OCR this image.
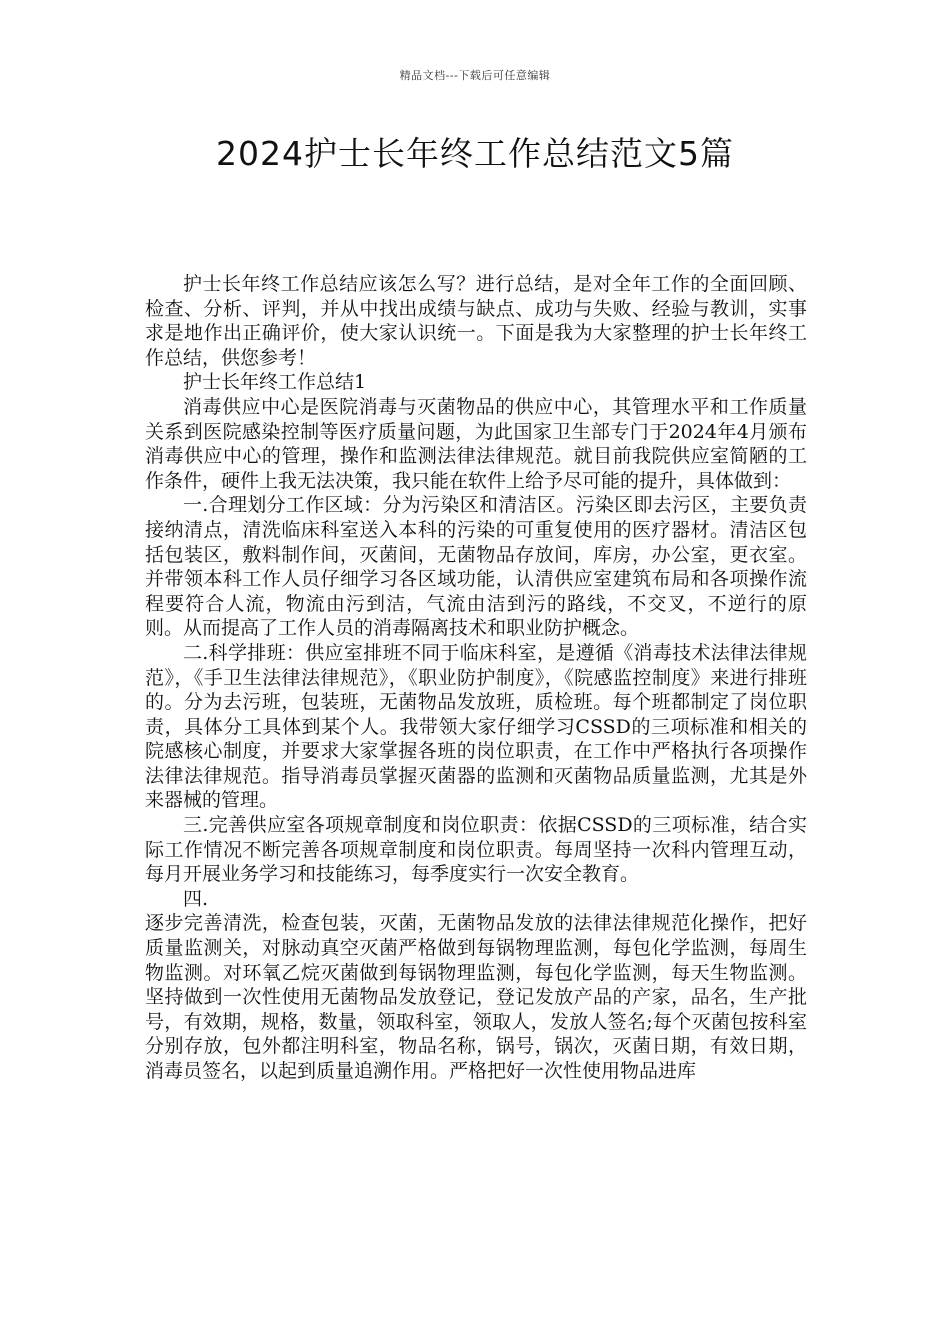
精品文档---下载后可任意编辑
2024护士长年终工作总结范文5篇

护士长年终工作总结应该怎么写？进行总结，是对全年工作的全面回顾、检查、分析、评判，并从中找出成绩与缺点、成功与失败、经验与教训，实事求是地作出正确评价，使大家认识统一。下面是我为大家整理的护士长年终工作总结，供您参考！

护士长年终工作总结1

消毒供应中心是医院消毒与灭菌物品的供应中心，其管理水平和工作质量关系到医院感染控制等医疗质量问题，为此国家卫生部专门于2024年4月颁布消毒供应中心的管理，操作和监测法律法律规范。就目前我院供应室简陋的工作条件，硬件上我无法决策，我只能在软件上给予尽可能的提升，具体做到：

一.合理划分工作区域：分为污染区和清洁区。污染区即去污区，主要负责接纳清点，清洗临床科室送入本科的污染的可重复使用的医疗器材。清洁区包括包装区，敷料制作间，灭菌间，无菌物品存放间，库房，办公室，更衣室。并带领本科工作人员仔细学习各区域功能，认清供应室建筑布局和各项操作流程要符合人流，物流由污到洁，气流由洁到污的路线，不交叉，不逆行的原则。从而提高了工作人员的消毒隔离技术和职业防护概念。

二.科学排班：供应室排班不同于临床科室，是遵循《消毒技术法律法律规范》，《手卫生法律法律规范》，《职业防护制度》，《院感监控制度》来进行排班的。分为去污班，包装班，无菌物品发放班，质检班。每个班都制定了岗位职责，具体分工具体到某个人。我带领大家仔细学习CSSD的三项标准和相关的院感核心制度，并要求大家掌握各班的岗位职责，在工作中严格执行各项操作法律法律规范。指导消毒员掌握灭菌器的监测和灭菌物品质量监测，尤其是外来器械的管理。

三.完善供应室各项规章制度和岗位职责：依据CSSD的三项标准，结合实际工作情况不断完善各项规章制度和岗位职责。每周坚持一次科内管理互动，每月开展业务学习和技能练习，每季度实行一次安全教育。

四.

逐步完善清洗，检查包装，灭菌，无菌物品发放的法律法律规范化操作，把好质量监测关，对脉动真空灭菌严格做到每锅物理监测，每包化学监测，每周生物监测。对环氧乙烷灭菌做到每锅物理监测，每包化学监测，每天生物监测。坚持做到一次性使用无菌物品发放登记，登记发放产品的产家，品名，生产批号，有效期，规格，数量，领取科室，领取人，发放人签名;每个灭菌包按科室分别存放，包外都注明科室，物品名称，锅号，锅次，灭菌日期，有效日期，消毒员签名，以起到质量追溯作用。严格把好一次性使用物品进库
